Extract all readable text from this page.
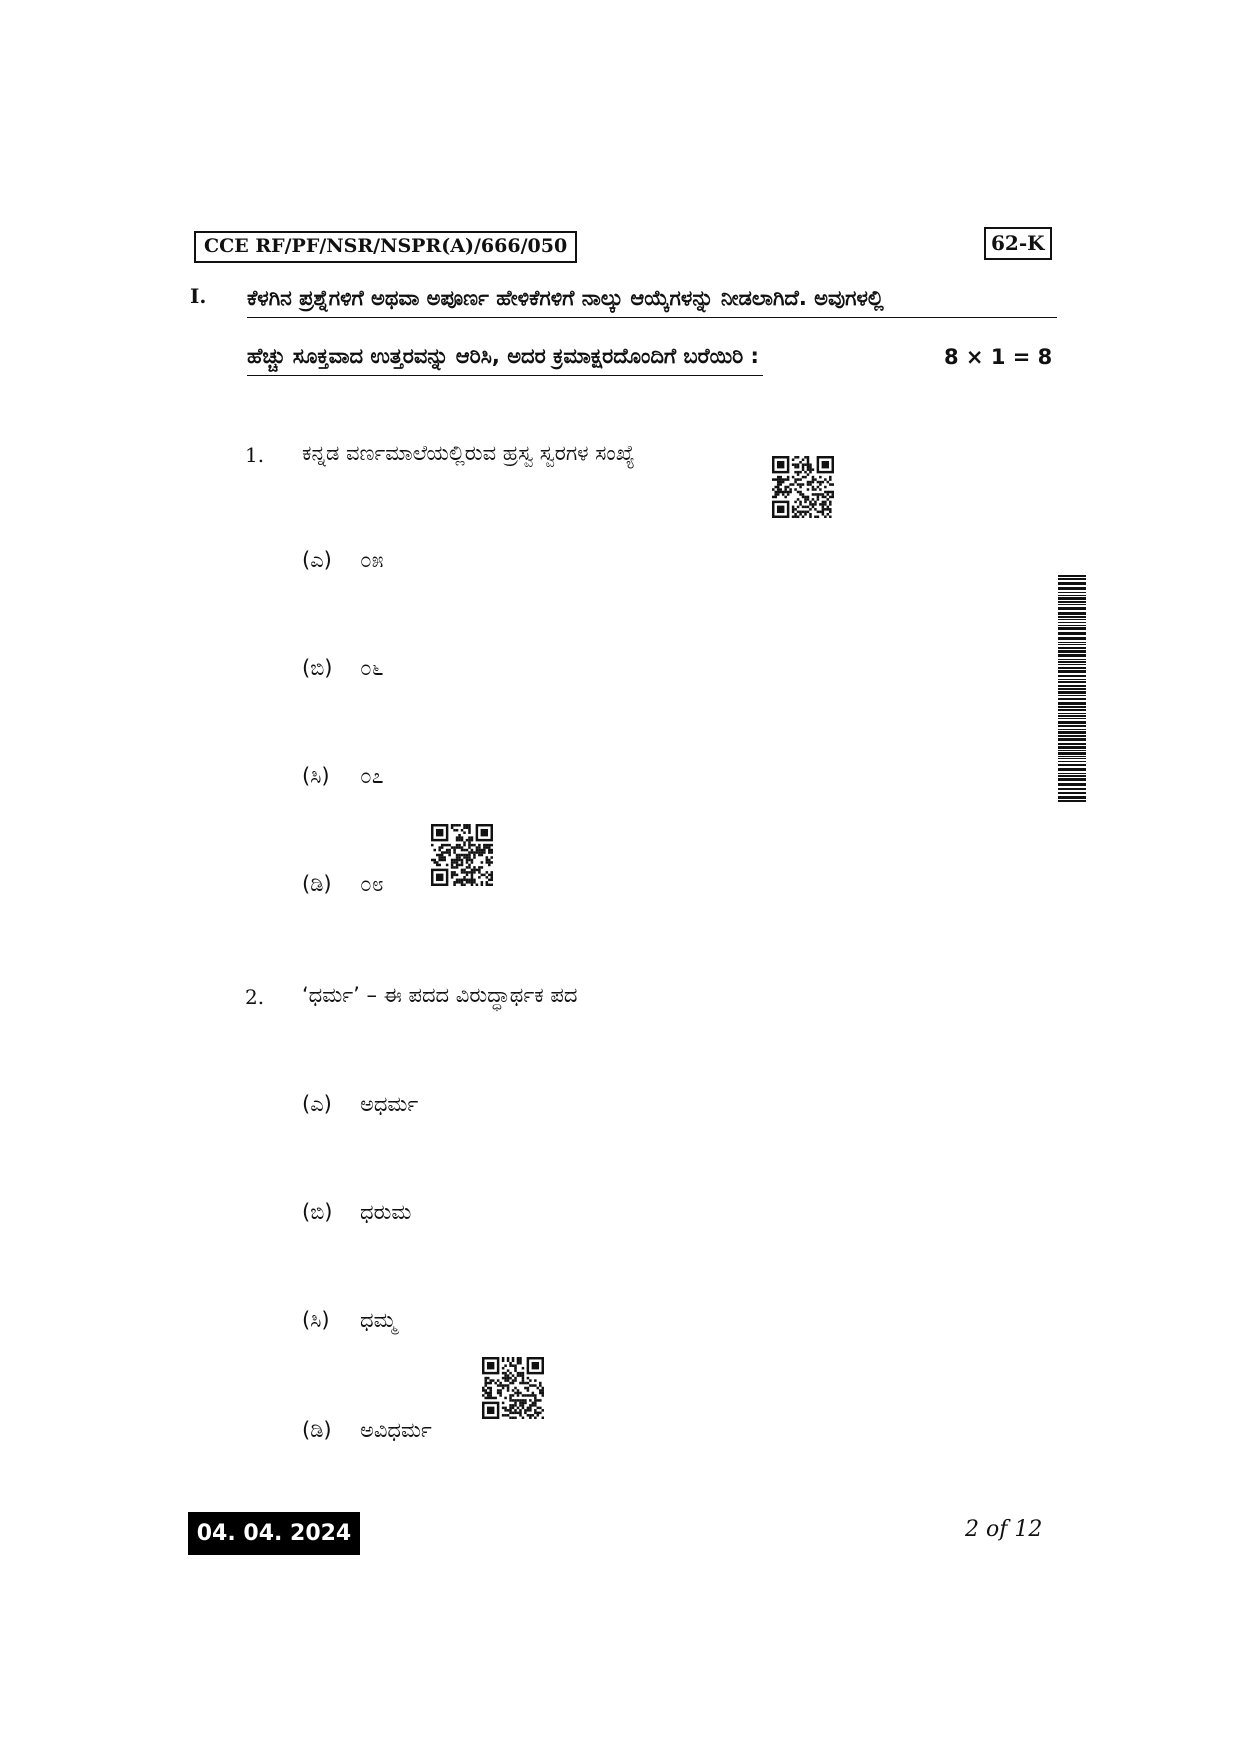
CCE RF/PF/NSR/NSPR(A)/666/050	62-K
I. ಕೆಳಗಿನ ಪ್ರಶ್ನೆಗಳಿಗೆ ಅಥವಾ ಅಪೂರ್ಣ ಹೇಳಿಕೆಗಳಿಗೆ ನಾಲ್ಕು ಆಯ್ಕೆಗಳನ್ನು ನೀಡಲಾಗಿದೆ. ಅವುಗಳಲ್ಲಿ
ಹೆಚ್ಚು ಸೂಕ್ತವಾದ ಉತ್ತರವನ್ನು ಆರಿಸಿ, ಅದರ ಕ್ರಮಾಕ್ಷರದೊಂದಿಗೆ ಬರೆಯಿರಿ :	8 × 1 = 8
1. ಕನ್ನಡ ವರ್ಣಮಾಲೆಯಲ್ಲಿರುವ ಹ್ರಸ್ವ ಸ್ವರಗಳ ಸಂಖ್ಯೆ
(ಎ) ೦೫
(ಬಿ) ೦೬
(ಸಿ) ೦೭
(ಡಿ) ೦೮
2. ‘ಧರ್ಮ’ – ಈ ಪದದ ವಿರುದ್ಧಾರ್ಥಕ ಪದ
(ಎ) ಅಧರ್ಮ
(ಬಿ) ಧರುಮ
(ಸಿ) ಧಮ್ಮ
(ಡಿ) ಅವಿಧರ್ಮ
04. 04. 2024	2 of 12
